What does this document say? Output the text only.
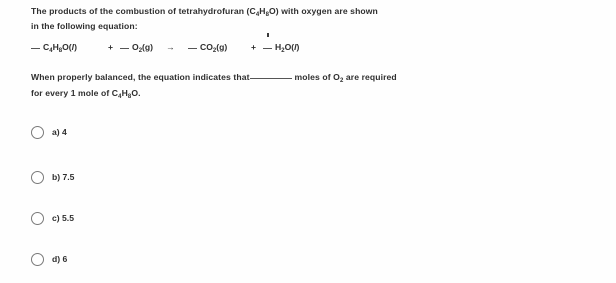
The products of the combustion of tetrahydrofuran $(C_4H_8O)$ with oxygen are shown
in the following equation:
$C_4H_8O(l)$	+	$O_2(g)$ →	$CO_2(g)$	+	$H_2O(l)$
When properly balanced, the equation indicates that	moles of $O_2$ are required
for every 1 mole of $C_4H_8O$.
a) 4
b) 7.5
c) 5.5
d) 6
